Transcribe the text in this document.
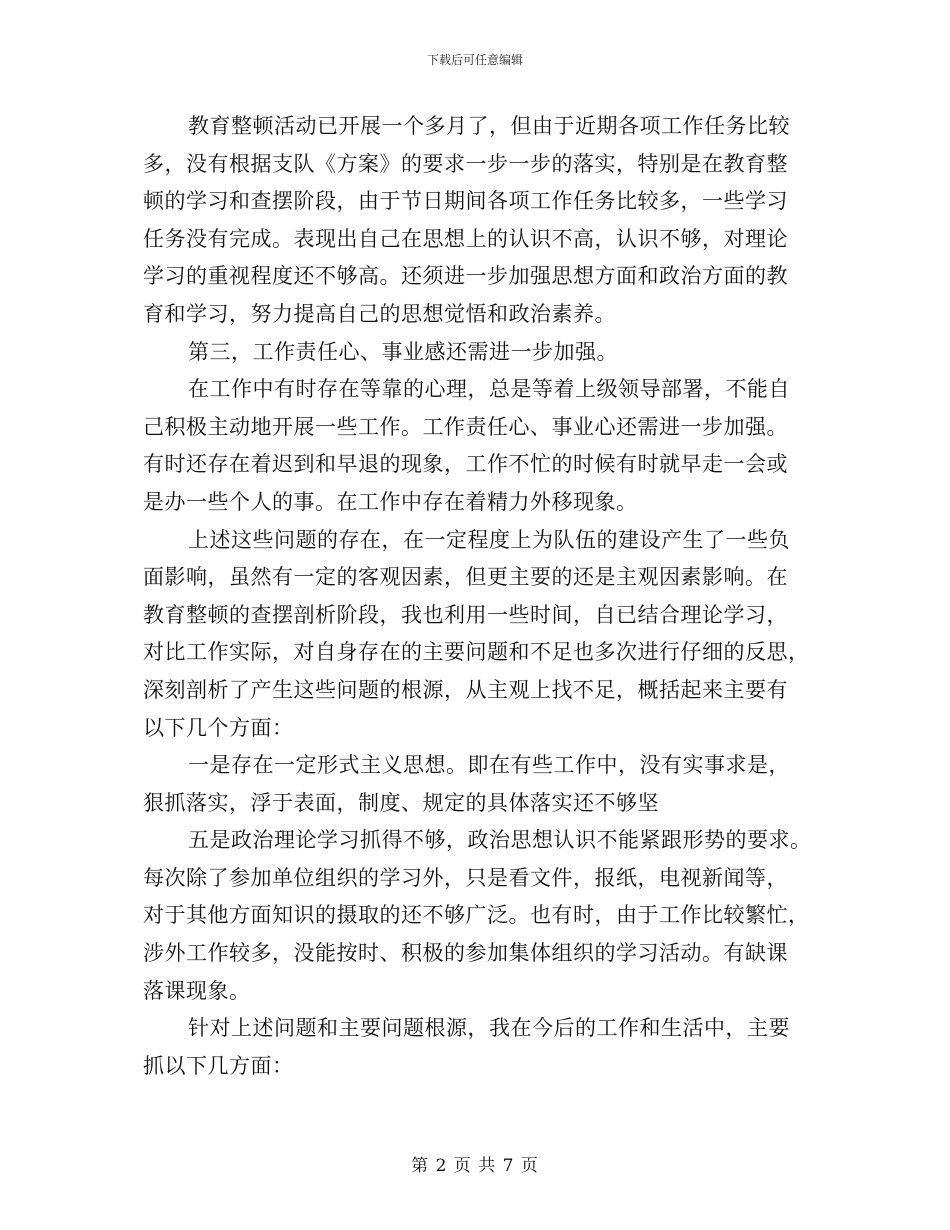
下载后可任意编辑
教育整顿活动已开展一个多月了，但由于近期各项工作任务比较
多，没有根据支队《方案》的要求一步一步的落实，特别是在教育整
顿的学习和查摆阶段，由于节日期间各项工作任务比较多，一些学习
任务没有完成。表现出自己在思想上的认识不高，认识不够，对理论
学习的重视程度还不够高。还须进一步加强思想方面和政治方面的教
育和学习，努力提高自己的思想觉悟和政治素养。
第三，工作责任心、事业感还需进一步加强。
在工作中有时存在等靠的心理，总是等着上级领导部署，不能自
己积极主动地开展一些工作。工作责任心、事业心还需进一步加强。
有时还存在着迟到和早退的现象，工作不忙的时候有时就早走一会或
是办一些个人的事。在工作中存在着精力外移现象。
上述这些问题的存在，在一定程度上为队伍的建设产生了一些负
面影响，虽然有一定的客观因素，但更主要的还是主观因素影响。在
教育整顿的查摆剖析阶段，我也利用一些时间，自已结合理论学习，
对比工作实际，对自身存在的主要问题和不足也多次进行仔细的反思，
深刻剖析了产生这些问题的根源，从主观上找不足，概括起来主要有
以下几个方面：
一是存在一定形式主义思想。即在有些工作中，没有实事求是，
狠抓落实，浮于表面，制度、规定的具体落实还不够坚
五是政治理论学习抓得不够，政治思想认识不能紧跟形势的要求。
每次除了参加单位组织的学习外，只是看文件，报纸，电视新闻等，
对于其他方面知识的摄取的还不够广泛。也有时，由于工作比较繁忙，
涉外工作较多，没能按时、积极的参加集体组织的学习活动。有缺课
落课现象。
针对上述问题和主要问题根源，我在今后的工作和生活中，主要
抓以下几方面：
第 2 页 共 7 页
